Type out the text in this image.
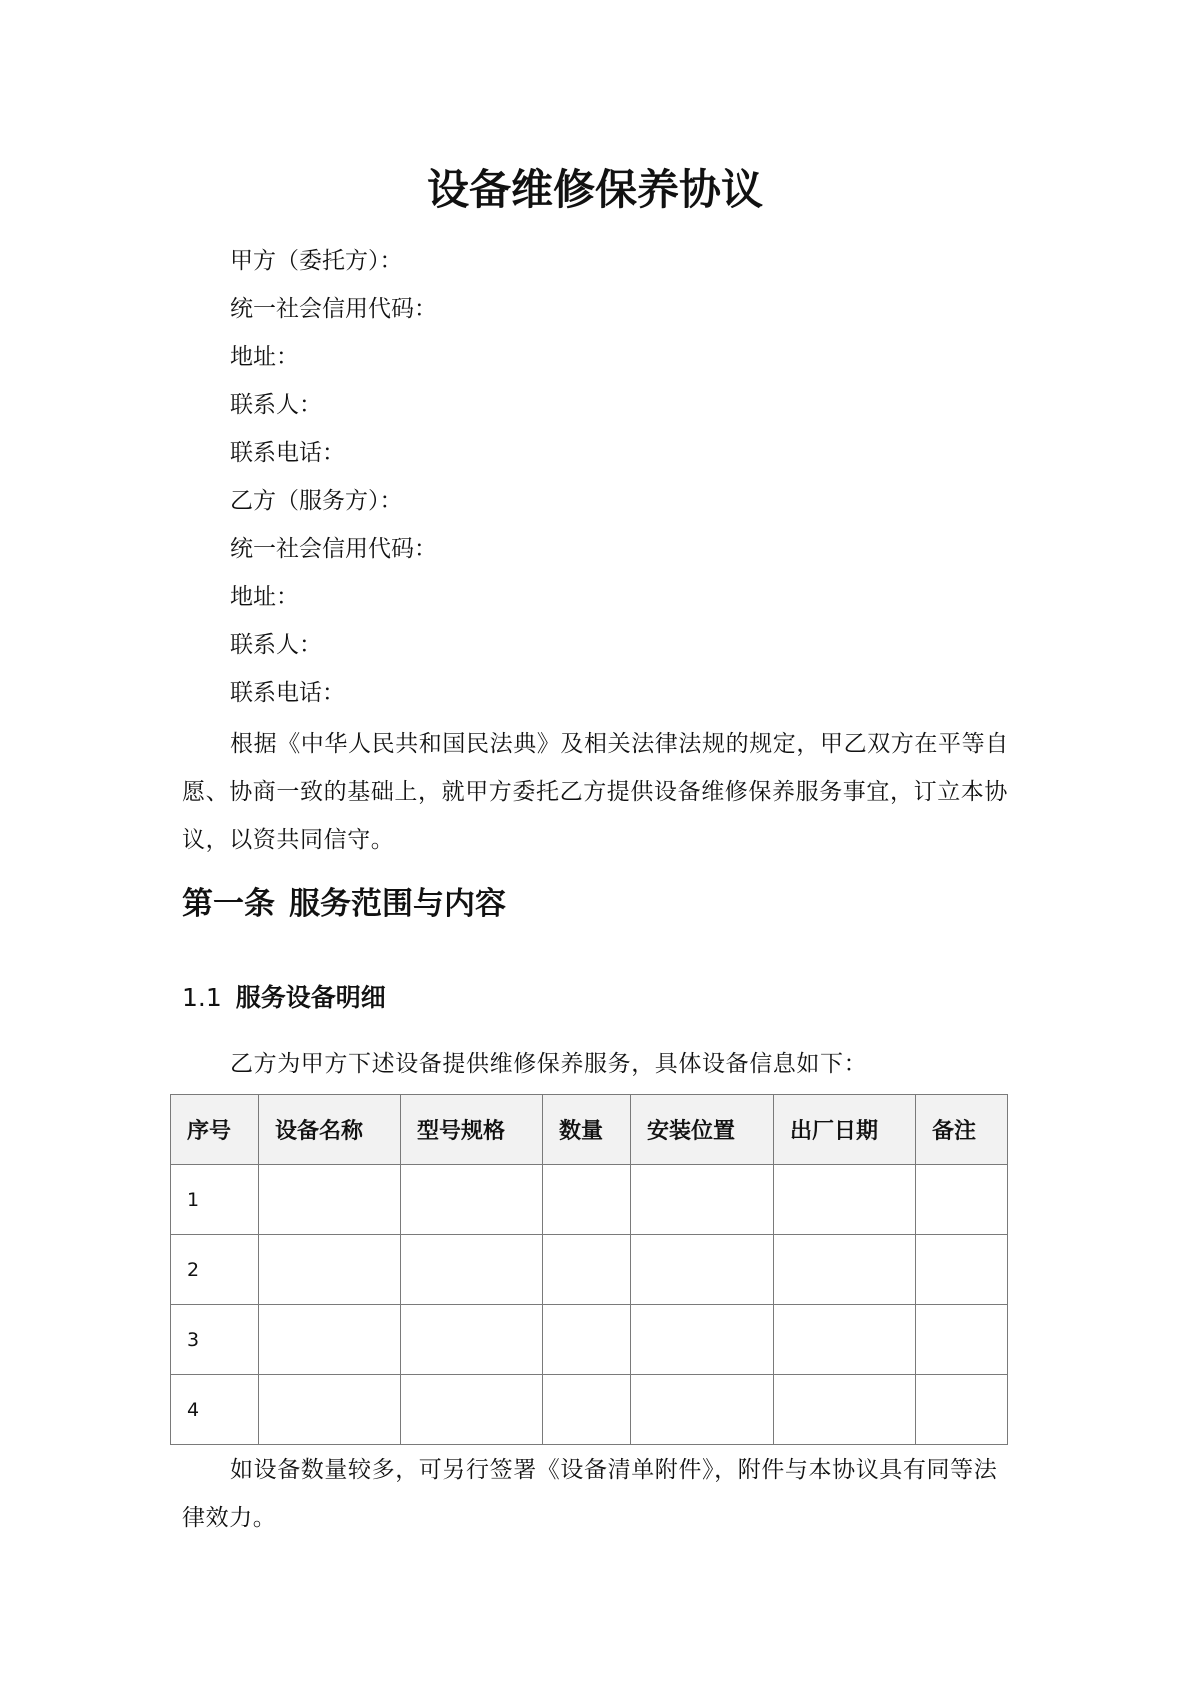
设备维修保养协议

甲方（委托方）：

统一社会信用代码：

地址：

联系人：

联系电话：

乙方（服务方）：

统一社会信用代码：

地址：

联系人：

联系电话：

根据《中华人民共和国民法典》及相关法律法规的规定，甲乙双方在平等自愿、协商一致的基础上，就甲方委托乙方提供设备维修保养服务事宜，订立本协议，以资共同信守。

第一条 服务范围与内容
1.1 服务设备明细

乙方为甲方下述设备提供维修保养服务，具体设备信息如下：

序号	设备名称	型号规格	数量	安装位置	出厂日期	备注
1						
2						
3						
4						

如设备数量较多，可另行签署《设备清单附件》，附件与本协议具有同等法律效力。
